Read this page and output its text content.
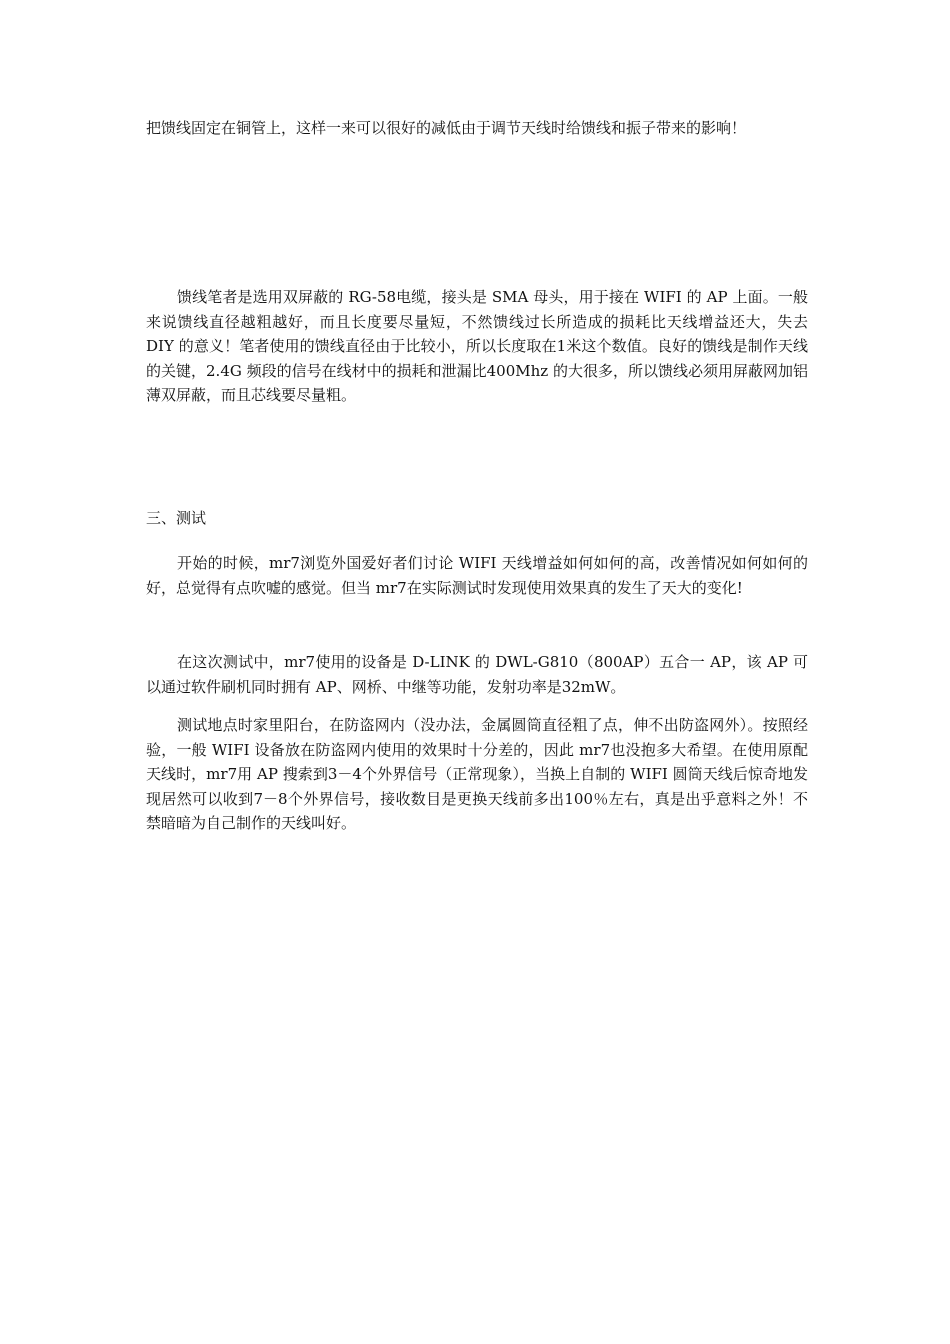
把馈线固定在铜管上，这样一来可以很好的减低由于调节天线时给馈线和振子带来的影响！

馈线笔者是选用双屏蔽的 RG-58电缆，接头是 SMA 母头，用于接在 WIFI 的 AP 上面。一般来说馈线直径越粗越好，而且长度要尽量短，不然馈线过长所造成的损耗比天线增益还大，失去 DIY 的意义！笔者使用的馈线直径由于比较小，所以长度取在1米这个数值。良好的馈线是制作天线的关键，2.4G 频段的信号在线材中的损耗和泄漏比400Mhz 的大很多，所以馈线必须用屏蔽网加铝薄双屏蔽，而且芯线要尽量粗。

三、测试

开始的时候，mr7浏览外国爱好者们讨论 WIFI 天线增益如何如何的高，改善情况如何如何的好，总觉得有点吹嘘的感觉。但当 mr7在实际测试时发现使用效果真的发生了天大的变化!

在这次测试中，mr7使用的设备是 D-LINK 的 DWL-G810（800AP）五合一 AP，该 AP 可以通过软件刷机同时拥有 AP、网桥、中继等功能，发射功率是32mW。

测试地点时家里阳台，在防盗网内（没办法，金属圆筒直径粗了点，伸不出防盗网外）。按照经验，一般 WIFI 设备放在防盗网内使用的效果时十分差的，因此 mr7也没抱多大希望。在使用原配天线时，mr7用 AP 搜索到3－4个外界信号（正常现象），当换上自制的 WIFI 圆筒天线后惊奇地发现居然可以收到7－8个外界信号，接收数目是更换天线前多出100％左右，真是出乎意料之外！不禁暗暗为自己制作的天线叫好。
